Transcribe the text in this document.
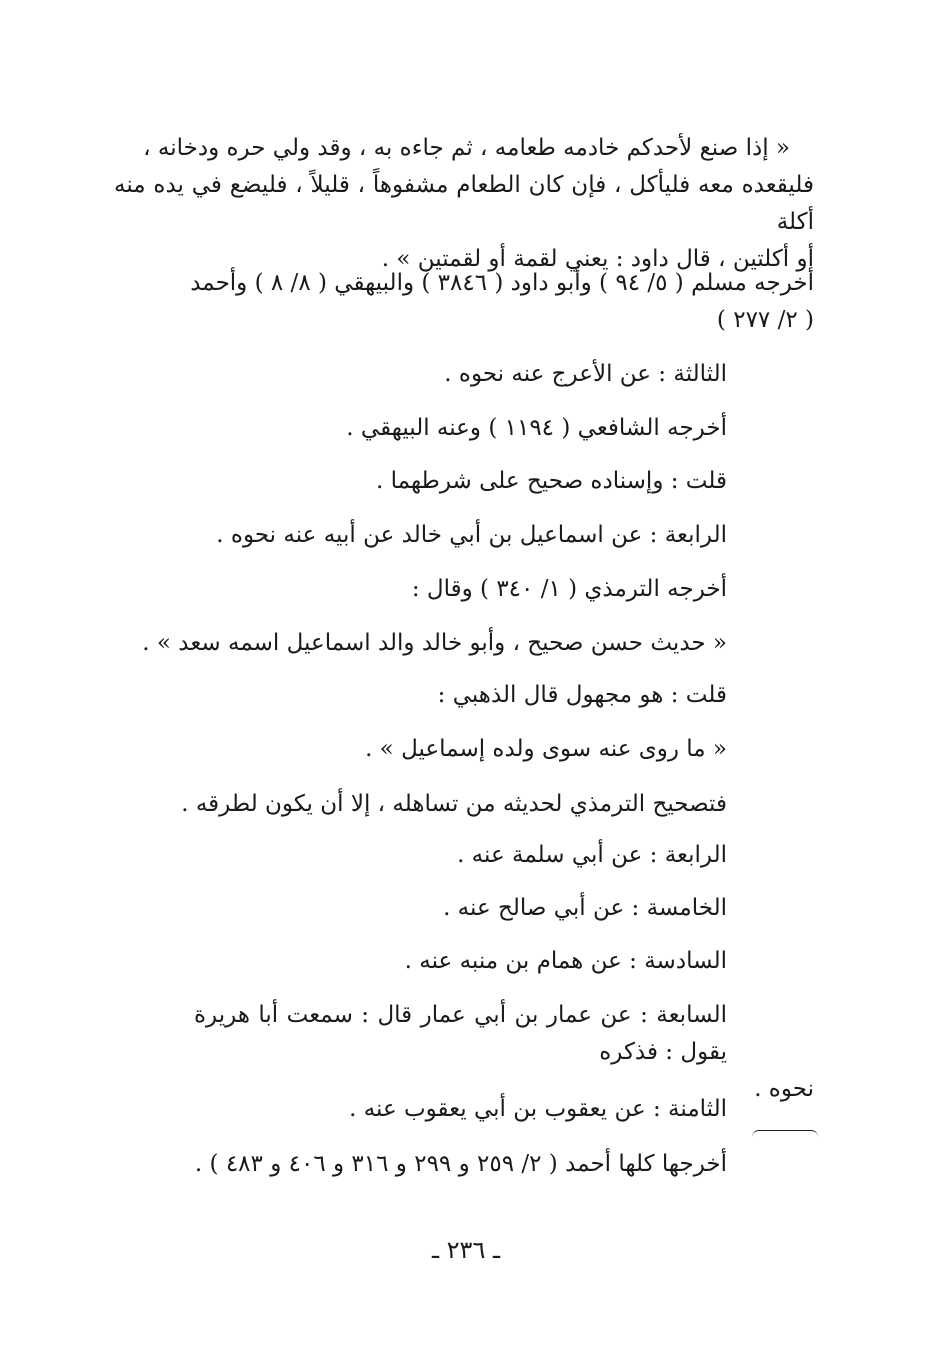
« إذا صنع لأحدكم خادمه طعامه ، ثم جاءه به ، وقد ولي حره ودخانه ،

فليقعده معه فليأكل ، فإن كان الطعام مشفوهاً ، قليلاً ، فليضع في يده منه أكلة

أو أكلتين ، قال داود : يعني لقمة أو لقمتين » .

أخرجه مسلم ( ٥/ ٩٤ ) وأبو داود ( ٣٨٤٦ ) والبيهقي ( ٨/ ٨ ) وأحمد

( ٢/ ٢٧٧ )

الثالثة : عن الأعرج عنه نحوه .
أخرجه الشافعي ( ١١٩٤ ) وعنه البيهقي .
قلت : وإسناده صحيح على شرطهما .
الرابعة : عن اسماعيل بن أبي خالد عن أبيه عنه نحوه .
أخرجه الترمذي ( ١/ ٣٤٠ ) وقال :
« حديث حسن صحيح ، وأبو خالد والد اسماعيل اسمه سعد » .
قلت : هو مجهول قال الذهبي :
« ما روى عنه سوى ولده إسماعيل » .
فتصحيح الترمذي لحديثه من تساهله ، إلا أن يكون لطرقه .
الرابعة : عن أبي سلمة عنه .
الخامسة : عن أبي صالح عنه .
السادسة : عن همام بن منبه عنه .

السابعة : عن عمار بن أبي عمار قال : سمعت أبا هريرة يقول : فذكره

نحوه .

الثامنة : عن يعقوب بن أبي يعقوب عنه .
أخرجها كلها أحمد ( ٢/ ٢٥٩ و ٢٩٩ و ٣١٦ و ٤٠٦ و ٤٨٣ ) .
ـ ٢٣٦ ـ
